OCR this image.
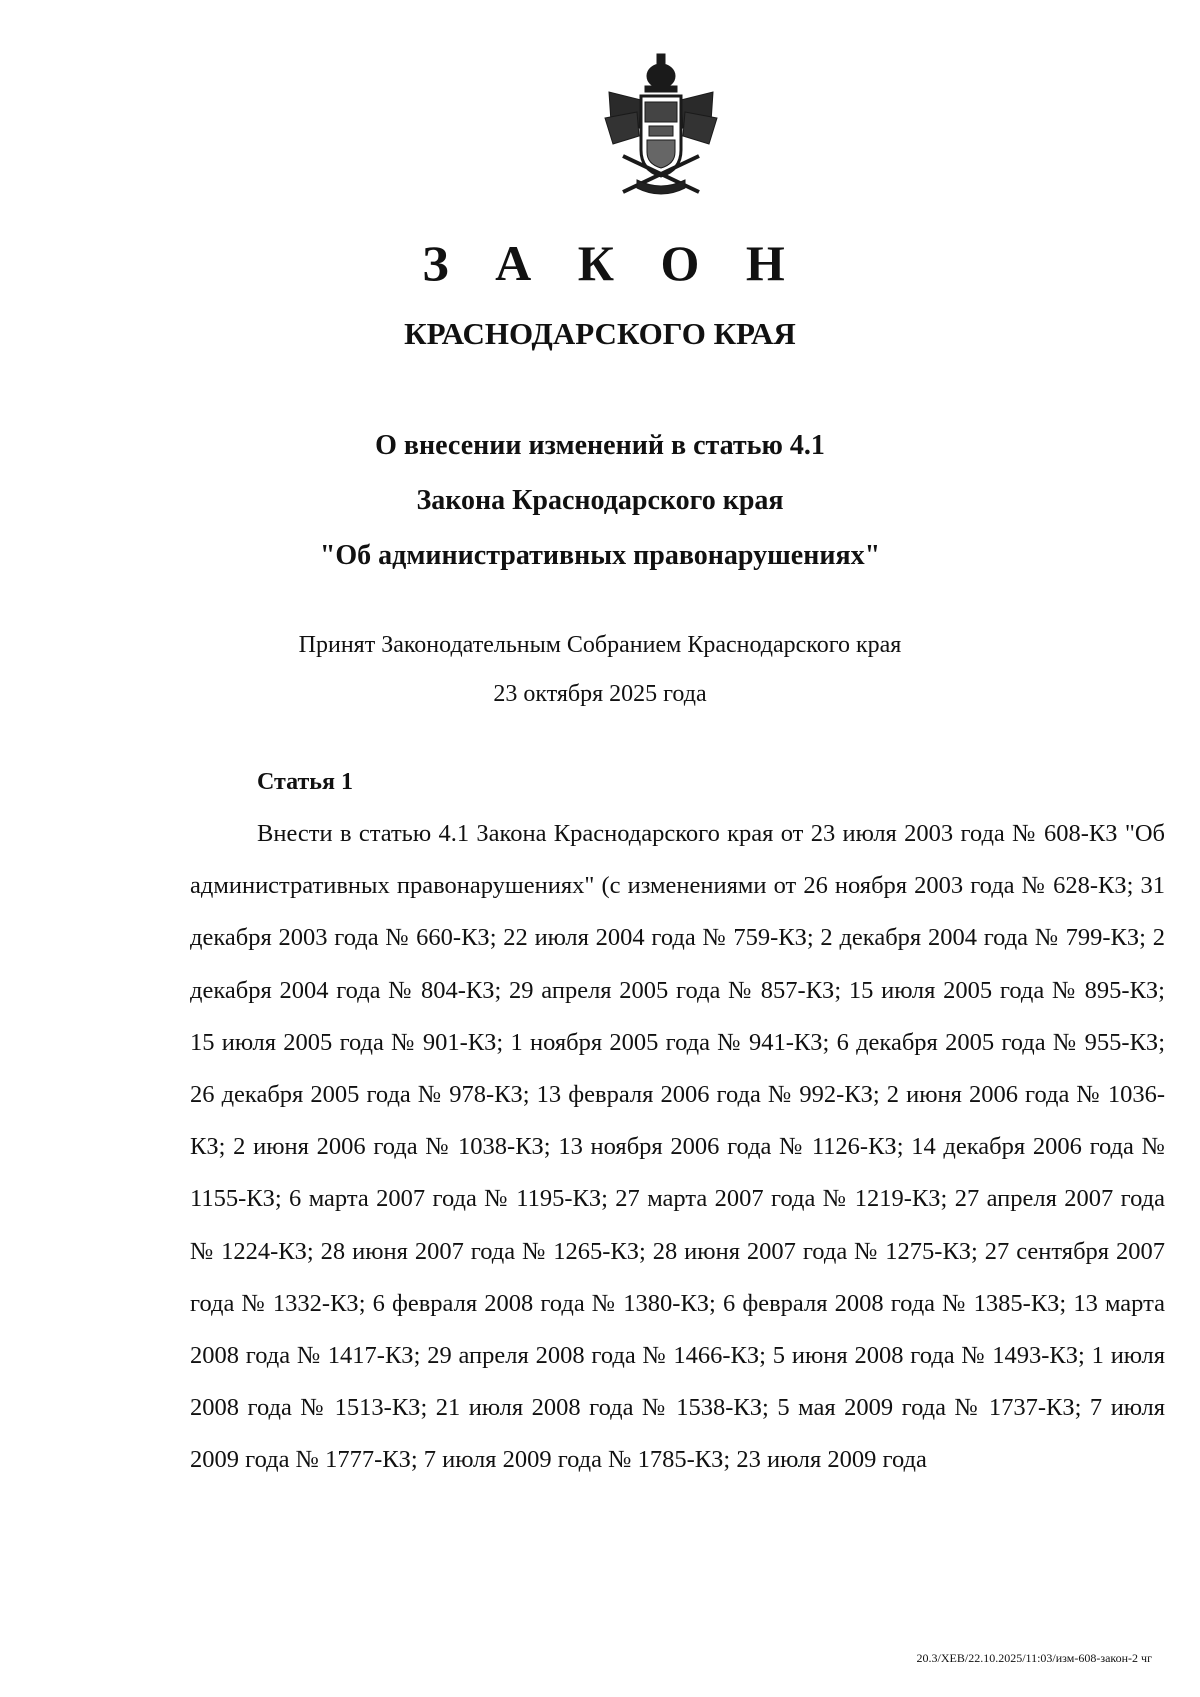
З А К О Н
КРАСНОДАРСКОГО КРАЯ
О внесении изменений в статью 4.1
Закона Краснодарского края
"Об административных правонарушениях"
Принят Законодательным Собранием Краснодарского края
23 октября 2025 года
Статья 1

Внести в статью 4.1 Закона Краснодарского края от 23 июля 2003 года № 608-КЗ "Об административных правонарушениях" (с изменениями от 26 ноября 2003 года № 628-КЗ; 31 декабря 2003 года № 660-КЗ; 22 июля 2004 года № 759-КЗ; 2 декабря 2004 года № 799-КЗ; 2 декабря 2004 года № 804-КЗ; 29 апреля 2005 года № 857-КЗ; 15 июля 2005 года № 895-КЗ; 15 июля 2005 года № 901-КЗ; 1 ноября 2005 года № 941-КЗ; 6 декабря 2005 года № 955-КЗ; 26 декабря 2005 года № 978-КЗ; 13 февраля 2006 года № 992-КЗ; 2 июня 2006 года № 1036-КЗ; 2 июня 2006 года № 1038-КЗ; 13 ноября 2006 года № 1126-КЗ; 14 декабря 2006 года № 1155-КЗ; 6 марта 2007 года № 1195-КЗ; 27 марта 2007 года № 1219-КЗ; 27 апреля 2007 года № 1224-КЗ; 28 июня 2007 года № 1265-КЗ; 28 июня 2007 года № 1275-КЗ; 27 сентября 2007 года № 1332-КЗ; 6 февраля 2008 года № 1380-КЗ; 6 февраля 2008 года № 1385-КЗ; 13 марта 2008 года № 1417-КЗ; 29 апреля 2008 года № 1466-КЗ; 5 июня 2008 года № 1493-КЗ; 1 июля 2008 года № 1513-КЗ; 21 июля 2008 года № 1538-КЗ; 5 мая 2009 года № 1737-КЗ; 7 июля 2009 года № 1777-КЗ; 7 июля 2009 года № 1785-КЗ; 23 июля 2009 года

20.3/ХЕВ/22.10.2025/11:03/изм-608-закон-2 чг
